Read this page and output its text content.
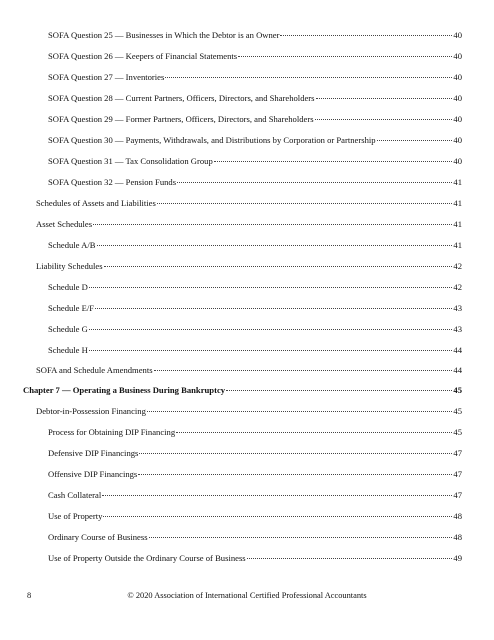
SOFA Question 25 — Businesses in Which the Debtor is an Owner	40
SOFA Question 26 — Keepers of Financial Statements	40
SOFA Question 27 — Inventories	40
SOFA Question 28 — Current Partners, Officers, Directors, and Shareholders	40
SOFA Question 29 — Former Partners, Officers, Directors, and Shareholders	40
SOFA Question 30 — Payments, Withdrawals, and Distributions by Corporation or Partnership	40
SOFA Question 31 — Tax Consolidation Group	40
SOFA Question 32 — Pension Funds	41
Schedules of Assets and Liabilities	41
Asset Schedules	41
Schedule A/B	41
Liability Schedules	42
Schedule D	42
Schedule E/F	43
Schedule G	43
Schedule H	44
SOFA and Schedule Amendments	44
Chapter 7 — Operating a Business During Bankruptcy	45
Debtor-in-Possession Financing	45
Process for Obtaining DIP Financing	45
Defensive DIP Financings	47
Offensive DIP Financings	47
Cash Collateral	47
Use of Property	48
Ordinary Course of Business	48
Use of Property Outside the Ordinary Course of Business	49
8	© 2020 Association of International Certified Professional Accountants
